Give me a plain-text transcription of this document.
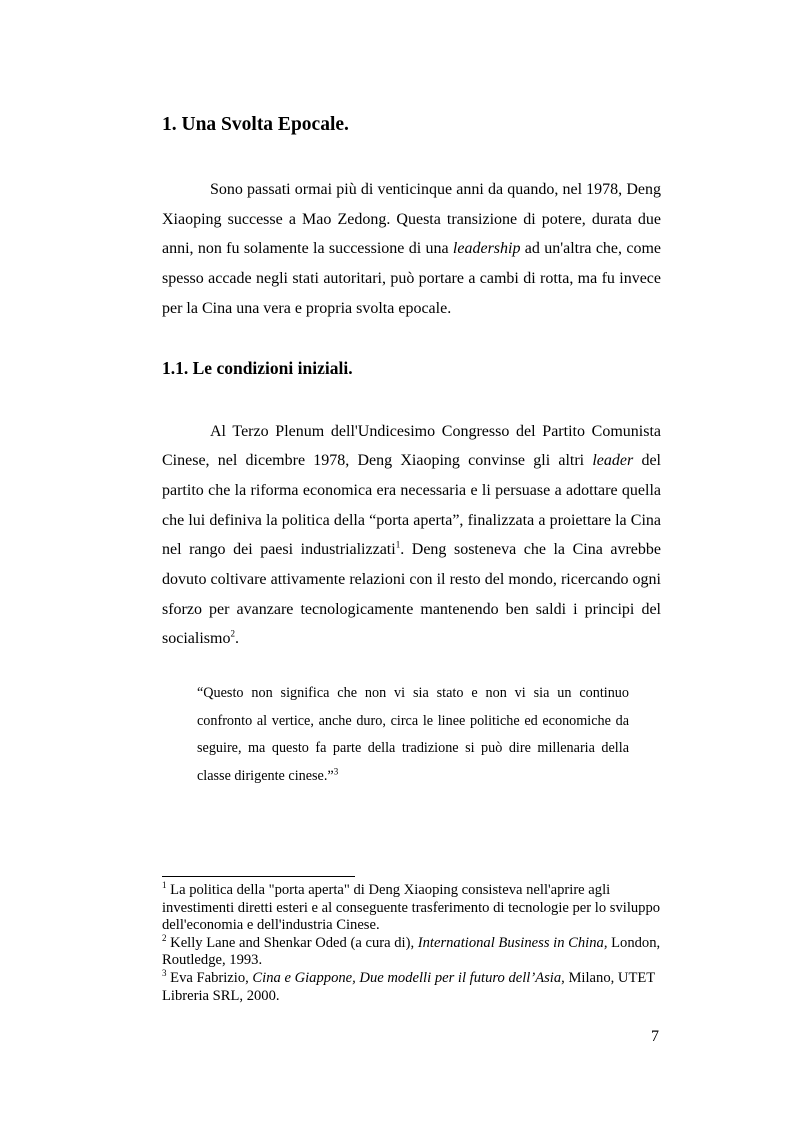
1. Una Svolta Epocale.

Sono passati ormai più di venticinque anni da quando, nel 1978, Deng Xiaoping successe a Mao Zedong. Questa transizione di potere, durata due anni, non fu solamente la successione di una leadership ad un'altra che, come spesso accade negli stati autoritari, può portare a cambi di rotta, ma fu invece per la Cina una vera e propria svolta epocale.

1.1. Le condizioni iniziali.

Al Terzo Plenum dell'Undicesimo Congresso del Partito Comunista Cinese, nel dicembre 1978, Deng Xiaoping convinse gli altri leader del partito che la riforma economica era necessaria e li persuase a adottare quella che lui definiva la politica della “porta aperta”, finalizzata a proiettare la Cina nel rango dei paesi industrializzati$^1$. Deng sosteneva che la Cina avrebbe dovuto coltivare attivamente relazioni con il resto del mondo, ricercando ogni sforzo per avanzare tecnologicamente mantenendo ben saldi i principi del socialismo$^2$.

“Questo non significa che non vi sia stato e non vi sia un continuo confronto al vertice, anche duro, circa le linee politiche ed economiche da seguire, ma questo fa parte della tradizione si può dire millenaria della classe dirigente cinese.”$^3$

$^1$ La politica della "porta aperta" di Deng Xiaoping consisteva nell'aprire agli investimenti diretti esteri e al conseguente trasferimento di tecnologie per lo sviluppo dell'economia e dell'industria Cinese.

$^2$ Kelly Lane and Shenkar Oded (a cura di), International Business in China, London, Routledge, 1993.

$^3$ Eva Fabrizio, Cina e Giappone, Due modelli per il futuro dell’Asia, Milano, UTET Libreria SRL, 2000.

7
